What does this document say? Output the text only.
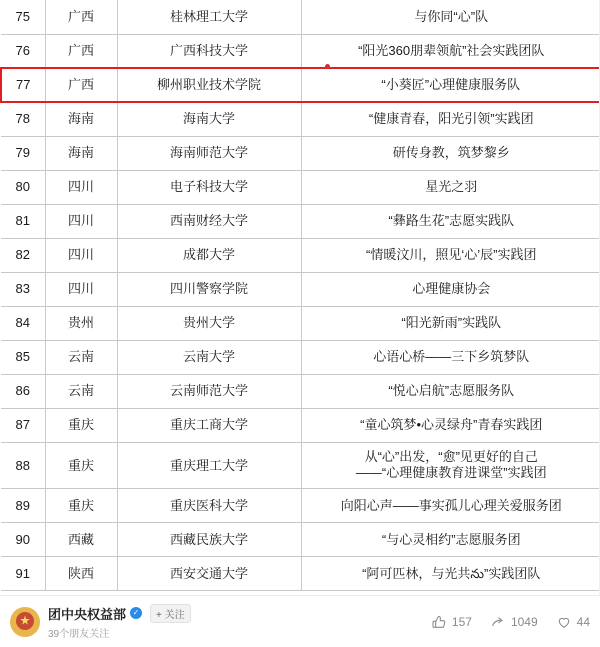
75	广西	桂林理工大学	与你同“心”队
76	广西	广西科技大学	“阳光360朋辈领航”社会实践团队
77	广西	柳州职业技术学院	“小葵匠”心理健康服务队
78	海南	海南大学	“健康青春，阳光引领”实践团
79	海南	海南师范大学	研传身教，筑梦黎乡
80	四川	电子科技大学	星光之羽
81	四川	西南财经大学	“彝路生花”志愿实践队
82	四川	成都大学	“情暖汶川，照见‘心’辰”实践团
83	四川	四川警察学院	心理健康协会
84	贵州	贵州大学	“阳光新雨”实践队
85	云南	云南大学	心语心桥——三下乡筑梦队
86	云南	云南师范大学	“悦心启航”志愿服务队
87	重庆	重庆工商大学	“童心筑梦•心灵绿舟”青春实践团
88	重庆	重庆理工大学	从“心”出发，“愈”见更好的自己
——“心理健康教育进课堂”实践团

89	重庆	重庆医科大学	向阳心声——事实孤儿心理关爱服务团
90	西藏	西藏民族大学	“与心灵相约”志愿服务团
91	陕西	西安交通大学	“阿可匹林，与光共ను”实践团队
团中央权益部 ✓	+ 关注
39个朋友关注
157	1049	44
